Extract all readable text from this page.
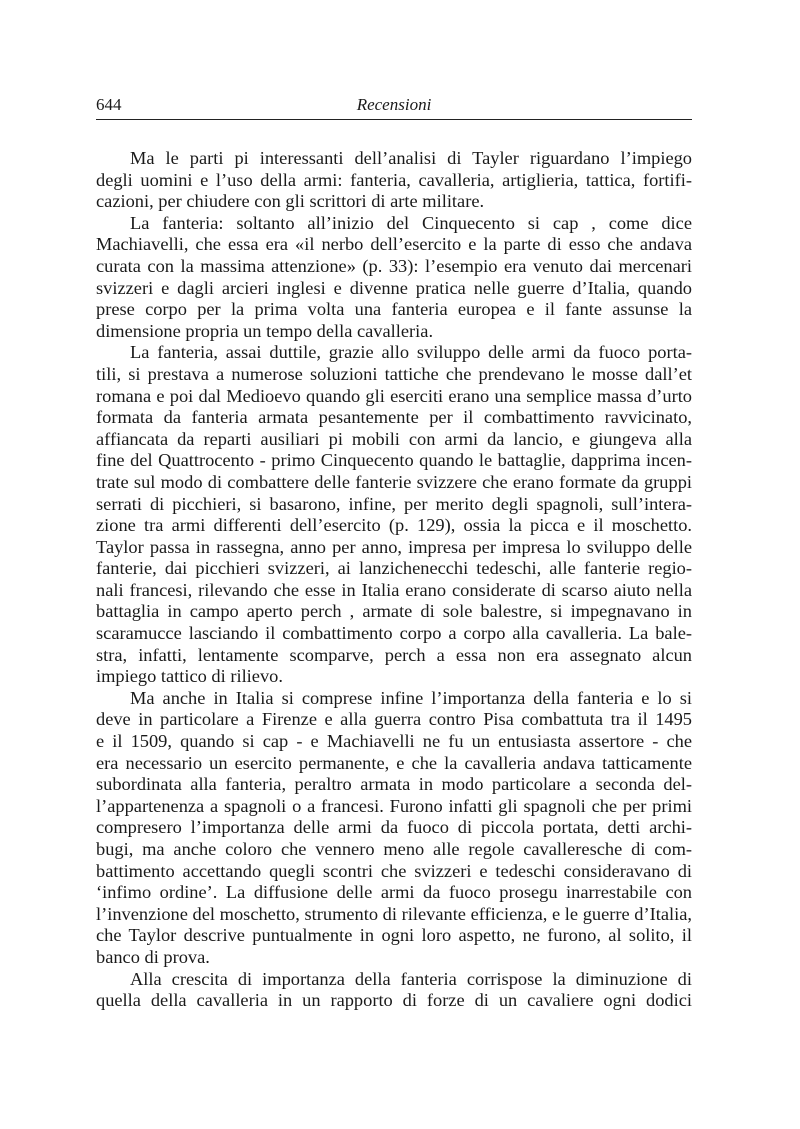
644	Recensioni
Ma le parti pi interessanti dell’analisi di Tayler riguardano l’impiego
degli uomini e l’uso della armi: fanteria, cavalleria, artiglieria, tattica, fortifi-
cazioni, per chiudere con gli scrittori di arte militare.
La fanteria: soltanto all’inizio del Cinquecento si cap , come dice
Machiavelli, che essa era «il nerbo dell’esercito e la parte di esso che andava
curata con la massima attenzione» (p. 33): l’esempio era venuto dai mercenari
svizzeri e dagli arcieri inglesi e divenne pratica nelle guerre d’Italia, quando
prese corpo per la prima volta una fanteria europea e il fante assunse la
dimensione propria un tempo della cavalleria.
La fanteria, assai duttile, grazie allo sviluppo delle armi da fuoco porta-
tili, si prestava a numerose soluzioni tattiche che prendevano le mosse dall’et
romana e poi dal Medioevo quando gli eserciti erano una semplice massa d’urto
formata da fanteria armata pesantemente per il combattimento ravvicinato,
affiancata da reparti ausiliari pi mobili con armi da lancio, e giungeva alla
fine del Quattrocento - primo Cinquecento quando le battaglie, dapprima incen-
trate sul modo di combattere delle fanterie svizzere che erano formate da gruppi
serrati di picchieri, si basarono, infine, per merito degli spagnoli, sull’intera-
zione tra armi differenti dell’esercito (p. 129), ossia la picca e il moschetto.
Taylor passa in rassegna, anno per anno, impresa per impresa lo sviluppo delle
fanterie, dai picchieri svizzeri, ai lanzichenecchi tedeschi, alle fanterie regio-
nali francesi, rilevando che esse in Italia erano considerate di scarso aiuto nella
battaglia in campo aperto perch , armate di sole balestre, si impegnavano in
scaramucce lasciando il combattimento corpo a corpo alla cavalleria. La bale-
stra, infatti, lentamente scomparve, perch a essa non era assegnato alcun
impiego tattico di rilievo.
Ma anche in Italia si comprese infine l’importanza della fanteria e lo si
deve in particolare a Firenze e alla guerra contro Pisa combattuta tra il 1495
e il 1509, quando si cap - e Machiavelli ne fu un entusiasta assertore - che
era necessario un esercito permanente, e che la cavalleria andava tatticamente
subordinata alla fanteria, peraltro armata in modo particolare a seconda del-
l’appartenenza a spagnoli o a francesi. Furono infatti gli spagnoli che per primi
compresero l’importanza delle armi da fuoco di piccola portata, detti archi-
bugi, ma anche coloro che vennero meno alle regole cavalleresche di com-
battimento accettando quegli scontri che svizzeri e tedeschi consideravano di
‘infimo ordine’. La diffusione delle armi da fuoco prosegu inarrestabile con
l’invenzione del moschetto, strumento di rilevante efficienza, e le guerre d’Italia,
che Taylor descrive puntualmente in ogni loro aspetto, ne furono, al solito, il
banco di prova.
Alla crescita di importanza della fanteria corrispose la diminuzione di
quella della cavalleria in un rapporto di forze di un cavaliere ogni dodici
